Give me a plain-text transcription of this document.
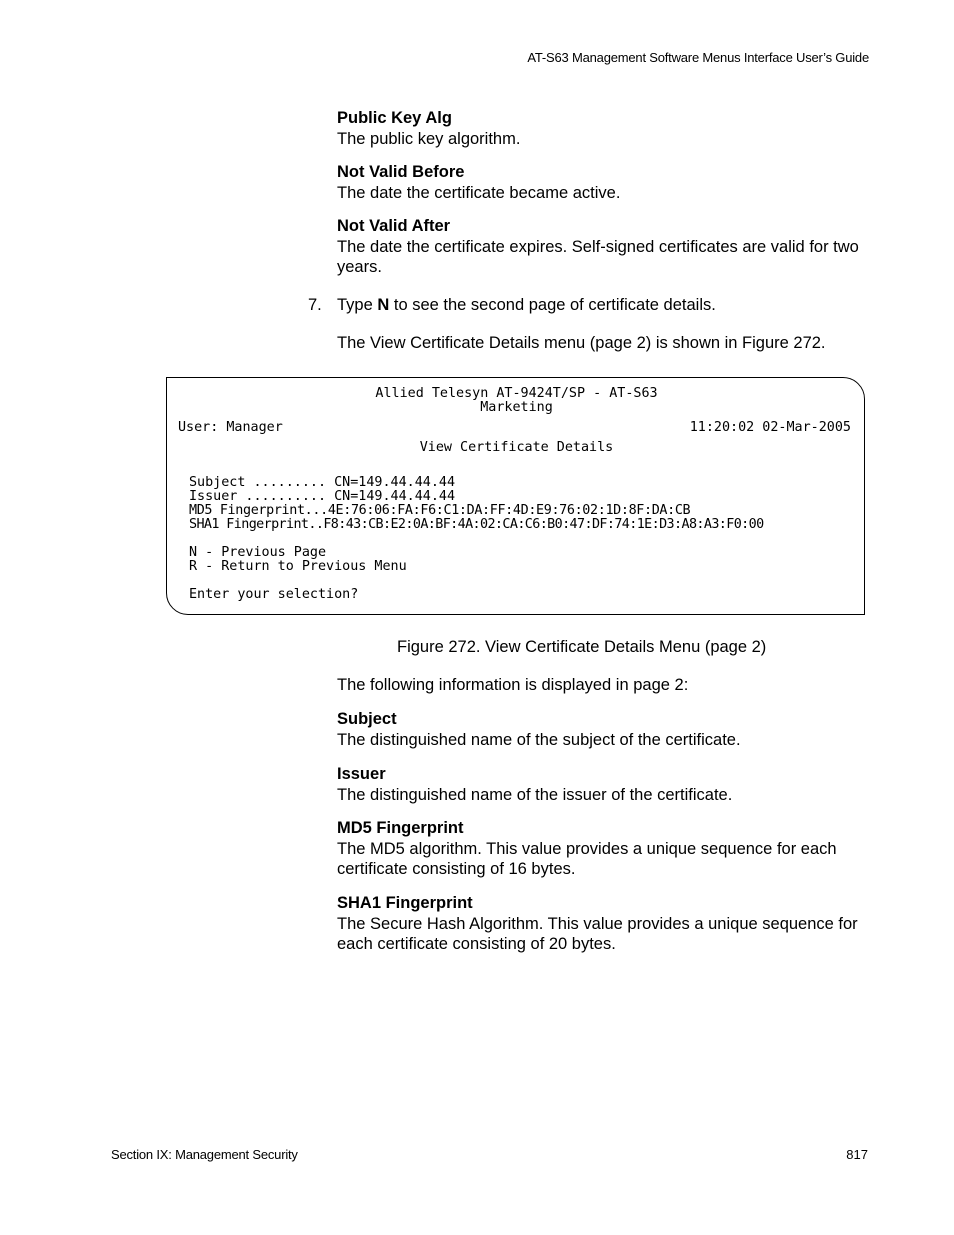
AT-S63 Management Software Menus Interface User’s Guide
Public Key Alg
The public key algorithm.
Not Valid Before
The date the certificate became active.
Not Valid After
The date the certificate expires. Self-signed certificates are valid for two years.
7. Type N to see the second page of certificate details.
The View Certificate Details menu (page 2) is shown in Figure 272.
Allied Telesyn AT-9424T/SP - AT-S63
Marketing
User: Manager	11:20:02 02-Mar-2005
View Certificate Details
Subject ......... CN=149.44.44.44
Issuer .......... CN=149.44.44.44
MD5 Fingerprint...4E:76:06:FA:F6:C1:DA:FF:4D:E9:76:02:1D:8F:DA:CB
SHA1 Fingerprint..F8:43:CB:E2:0A:BF:4A:02:CA:C6:B0:47:DF:74:1E:D3:A8:A3:F0:00
N - Previous Page
R - Return to Previous Menu
Enter your selection?
Figure 272. View Certificate Details Menu (page 2)
The following information is displayed in page 2:
Subject
The distinguished name of the subject of the certificate.
Issuer
The distinguished name of the issuer of the certificate.
MD5 Fingerprint
The MD5 algorithm. This value provides a unique sequence for each certificate consisting of 16 bytes.
SHA1 Fingerprint
The Secure Hash Algorithm. This value provides a unique sequence for each certificate consisting of 20 bytes.
Section IX: Management Security	817
